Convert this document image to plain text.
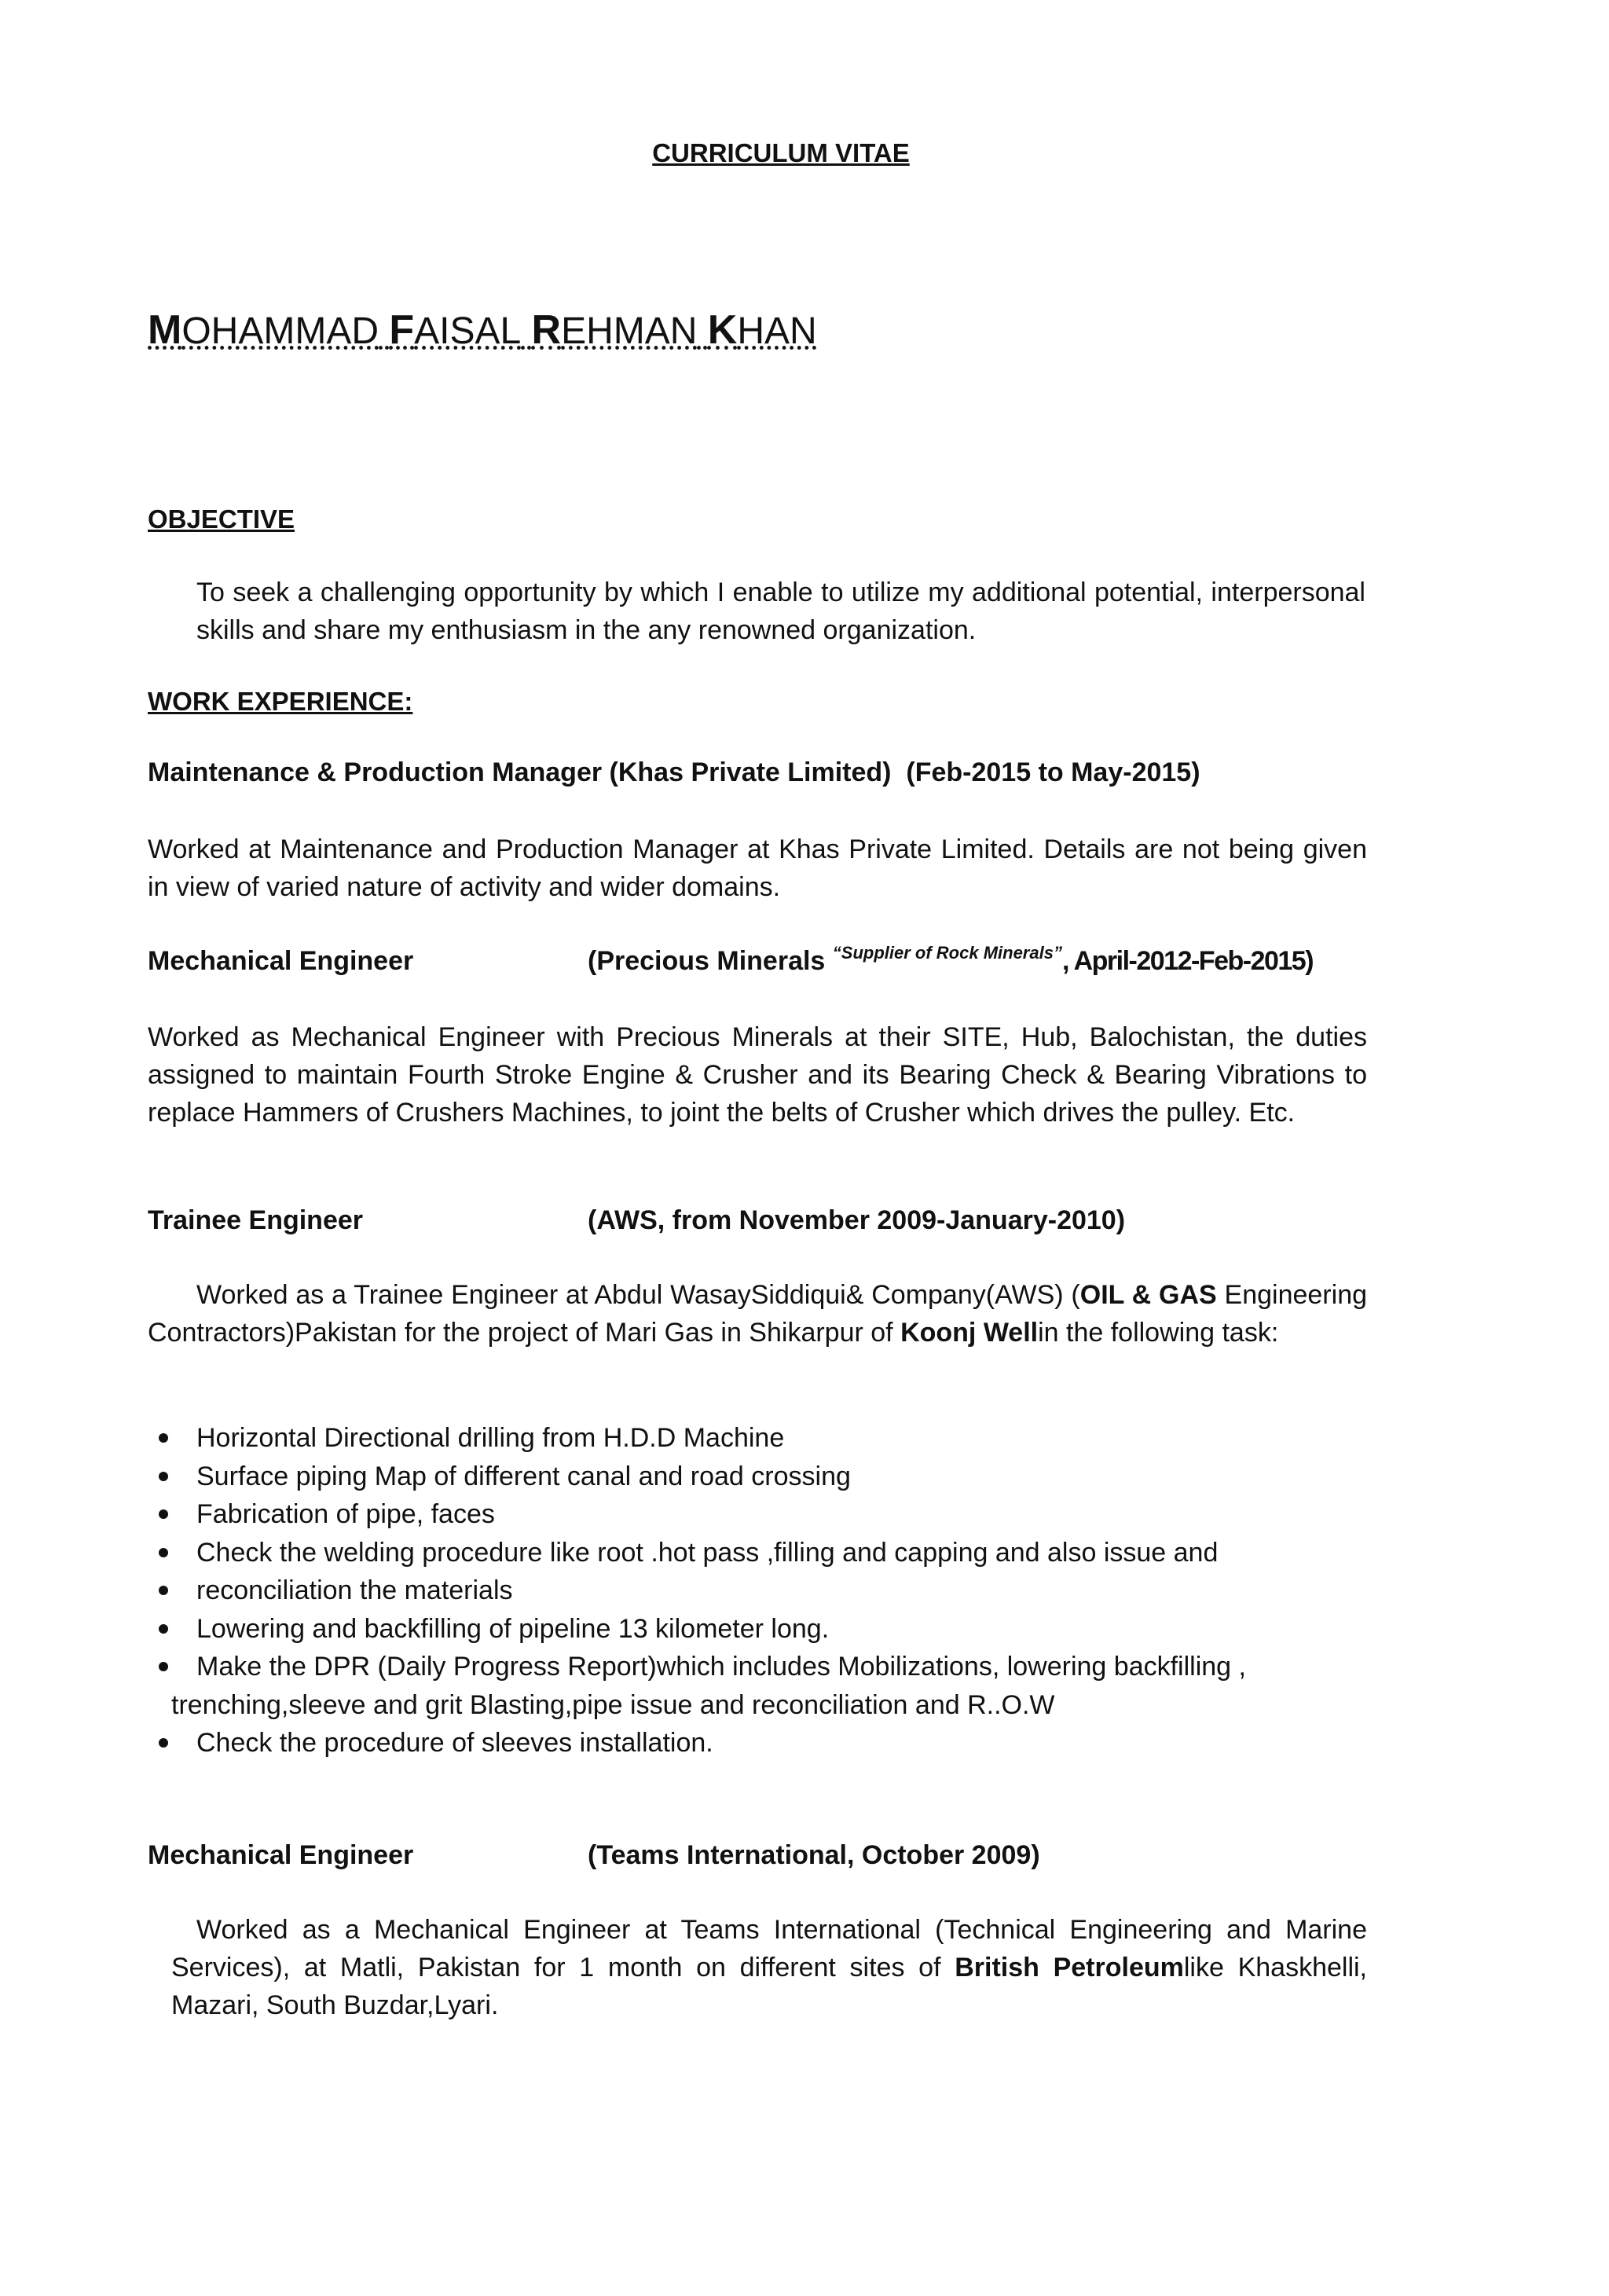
CURRICULUM VITAE
MOHAMMAD FAISAL REHMAN KHAN
OBJECTIVE
To seek a challenging opportunity by which I enable to utilize my additional potential, interpersonal skills and share my enthusiasm in the any renowned organization.
WORK EXPERIENCE:
Maintenance & Production Manager (Khas Private Limited)  (Feb-2015 to May-2015)
Worked at Maintenance and Production Manager at Khas Private Limited. Details are not being given in view of varied nature of activity and wider domains.
Mechanical Engineer	(Precious Minerals $^{“Supplier of Rock Minerals”}$, April-2012-Feb-2015)
Worked as Mechanical Engineer with Precious Minerals at their SITE, Hub, Balochistan, the duties assigned to maintain Fourth Stroke Engine & Crusher and its Bearing Check & Bearing Vibrations to replace Hammers of Crushers Machines, to joint the belts of Crusher which drives the pulley. Etc.
Trainee Engineer	(AWS, from November 2009-January-2010)
Worked as a Trainee Engineer at Abdul WasaySiddiqui& Company(AWS) (OIL & GAS Engineering Contractors)Pakistan for the project of Mari Gas in Shikarpur of Koonj Wellin the following task:
Horizontal Directional drilling from H.D.D Machine
Surface piping Map of different canal and road crossing
Fabrication of pipe, faces
Check the welding procedure like root .hot pass ,filling and capping and also issue and
reconciliation the materials
Lowering and backfilling of pipeline 13 kilometer long.
Make the DPR (Daily Progress Report)which includes Mobilizations, lowering backfilling ,
trenching,sleeve and grit Blasting,pipe issue and reconciliation and R..O.W
Check the procedure of sleeves installation.
Mechanical Engineer	(Teams International, October 2009)
Worked as a Mechanical Engineer at Teams International (Technical Engineering and Marine Services), at Matli, Pakistan for 1 month on different sites of British Petroleumlike Khaskhelli, Mazari, South Buzdar,Lyari.
